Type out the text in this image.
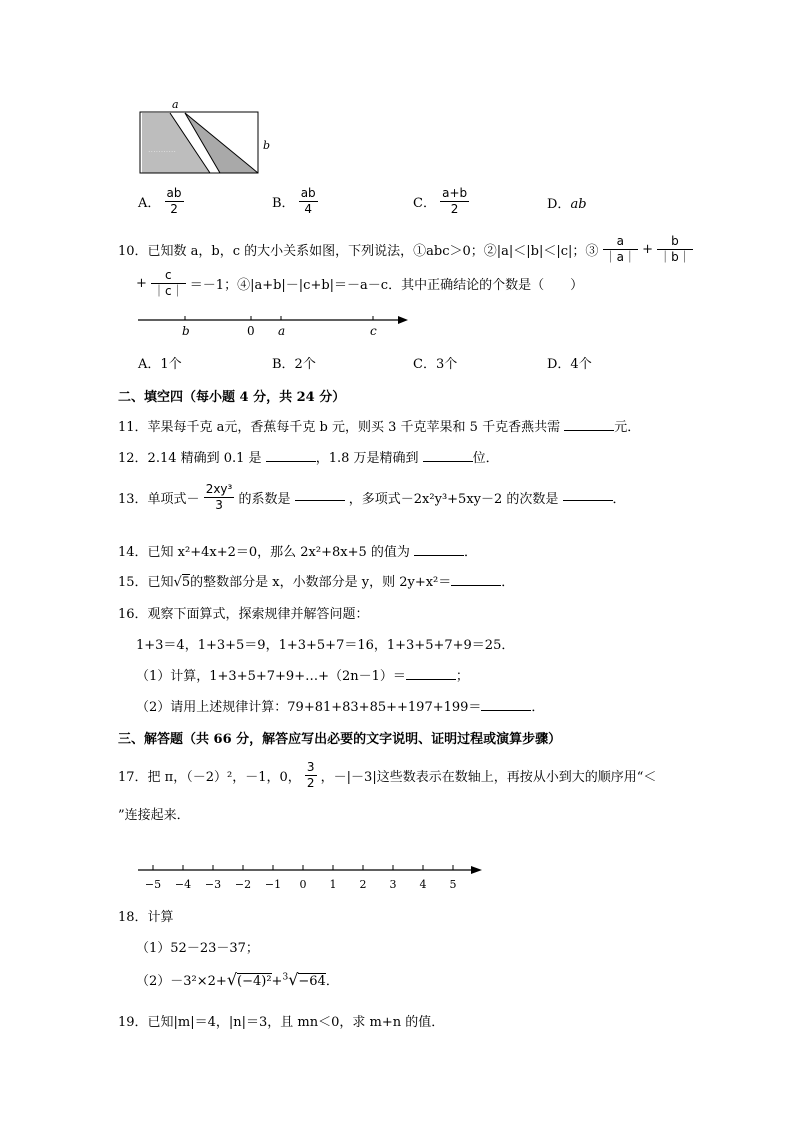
a
b
...........
A． $\frac{ab}{2}$	B． $\frac{ab}{4}$	C． $\frac{a+b}{2}$	D．ab
10．已知数 a，b，c 的大小关系如图，下列说法，①abc＞0；②|a|＜|b|＜|c|；③ $\frac{a}{|a|} + \frac{b}{|b|}$
+ $\frac{c}{|c|} =-1$；④|a+b|－|c+b|＝－a－c．其中正确结论的个数是（　　）
b	0 a	c
A．1个	B．2个	C．3个	D．4个
二、填空四（每小题 4 分，共 24 分）
11．苹果每千克 a元，香蕉每千克 b 元，则买 3 千克苹果和 5 千克香燕共需	元．
12．2.14 精确到 0.1 是	，1.8 万是精确到	位．
13．单项式－ $\frac{\text{2xy³}}{3}$ 的系数是	，多项式－2x²y³+5xy－2 的次数是	．
14．已知 x²+4x+2＝0，那么 2x²+8x+5 的值为	．
15．已知√5的整数部分是 x，小数部分是 y，则 2y+x²＝	．
16．观察下面算式，探索规律并解答问题：
1+3＝4，1+3+5＝9，1+3+5+7＝16，1+3+5+7+9＝25．
（1）计算，1+3+5+7+9+…+（2n－1）＝	；
（2）请用上述规律计算：79+81+83+85++197+199＝	．
三、解答题（共 66 分，解答应写出必要的文字说明、证明过程或演算步骤）
17．把 π，（－2）²，－1，0， $\frac{3}{2}$ ，－|－3|这些数表示在数轴上，再按从小到大的顺序用“＜
”连接起来．
−5 −4 −3 −2 −1 0 1 2 3 4 5
18．计算
（1）52－23－37；
（2）－3²×2+√(−4)²+$^3$√−64．
19．已知|m|＝4，|n|＝3，且 mn＜0，求 m+n 的值．
